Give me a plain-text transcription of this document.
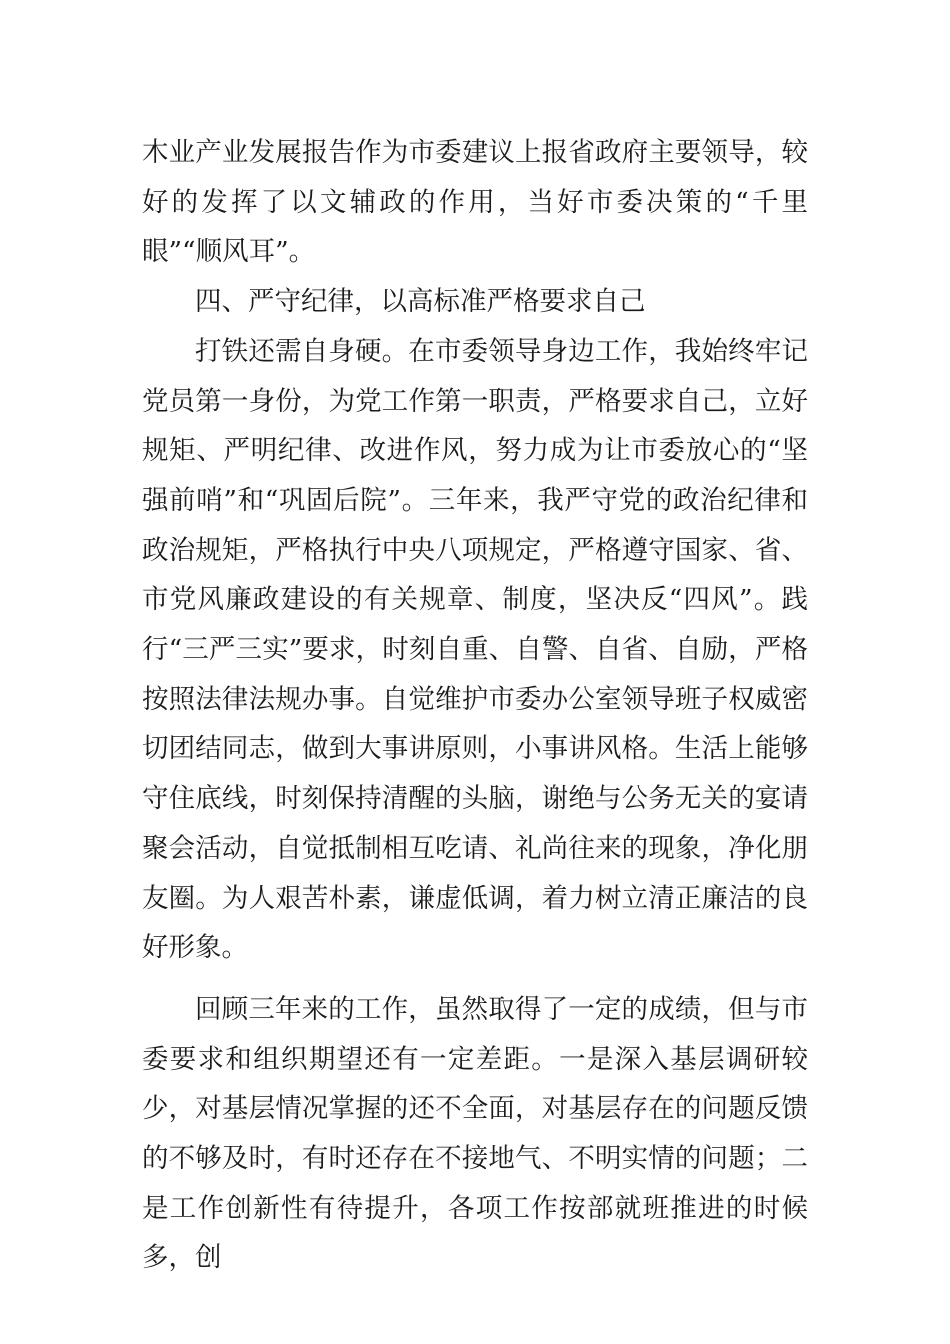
木业产业发展报告作为市委建议上报省政府主要领导，较好的发挥了以文辅政的作用，当好市委决策的“千里眼”“顺风耳”。

四、严守纪律，以高标准严格要求自己

打铁还需自身硬。在市委领导身边工作，我始终牢记党员第一身份，为党工作第一职责，严格要求自己，立好规矩、严明纪律、改进作风，努力成为让市委放心的“坚强前哨”和“巩固后院”。三年来，我严守党的政治纪律和政治规矩，严格执行中央八项规定，严格遵守国家、省、市党风廉政建设的有关规章、制度，坚决反“四风”。践行“三严三实”要求，时刻自重、自警、自省、自励，严格按照法律法规办事。自觉维护市委办公室领导班子权威密切团结同志，做到大事讲原则，小事讲风格。生活上能够守住底线，时刻保持清醒的头脑，谢绝与公务无关的宴请聚会活动，自觉抵制相互吃请、礼尚往来的现象，净化朋友圈。为人艰苦朴素，谦虚低调，着力树立清正廉洁的良好形象。

回顾三年来的工作，虽然取得了一定的成绩，但与市委要求和组织期望还有一定差距。一是深入基层调研较少，对基层情况掌握的还不全面，对基层存在的问题反馈的不够及时，有时还存在不接地气、不明实情的问题；二是工作创新性有待提升，各项工作按部就班推进的时候多，创
